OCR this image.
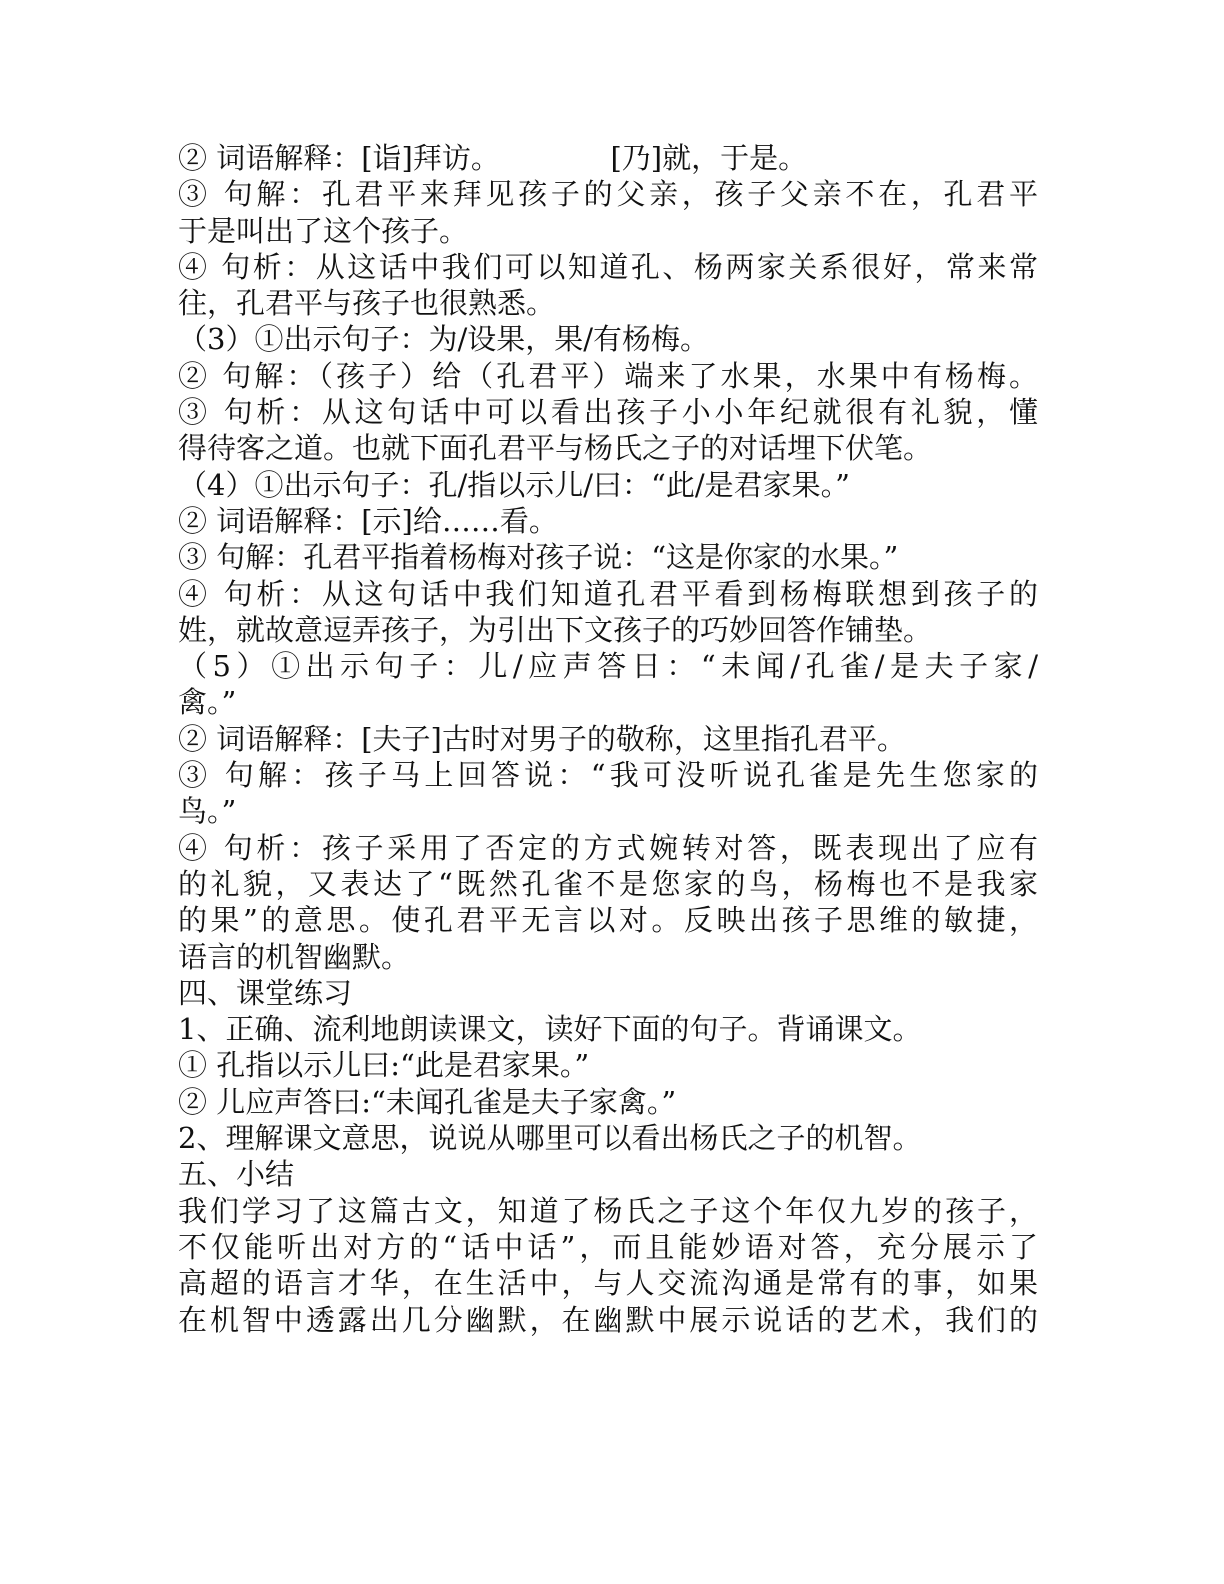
② 词语解释：[诣]拜访。            [乃]就，于是。
③ 句解：孔君平来拜见孩子的父亲，孩子父亲不在，孔君平
于是叫出了这个孩子。
④ 句析：从这话中我们可以知道孔、杨两家关系很好，常来常
往，孔君平与孩子也很熟悉。
（3）①出示句子：为/设果，果/有杨梅。
② 句解：（孩子）给（孔君平）端来了水果，水果中有杨梅。
③ 句析：从这句话中可以看出孩子小小年纪就很有礼貌，懂
得待客之道。也就下面孔君平与杨氏之子的对话埋下伏笔。
（4）①出示句子：孔/指以示儿/曰：“此/是君家果。”
② 词语解释：[示]给……看。
③ 句解：孔君平指着杨梅对孩子说：“这是你家的水果。”
④ 句析：从这句话中我们知道孔君平看到杨梅联想到孩子的
姓，就故意逗弄孩子，为引出下文孩子的巧妙回答作铺垫。
（5）①出示句子：儿/应声答日：“未闻/孔雀/是夫子家/
禽。”
② 词语解释：[夫子]古时对男子的敬称，这里指孔君平。
③ 句解：孩子马上回答说：“我可没听说孔雀是先生您家的
鸟。”
④ 句析：孩子采用了否定的方式婉转对答，既表现出了应有
的礼貌，又表达了“既然孔雀不是您家的鸟，杨梅也不是我家
的果”的意思。使孔君平无言以对。反映出孩子思维的敏捷，
语言的机智幽默。
四、课堂练习
1、正确、流利地朗读课文，读好下面的句子。背诵课文。
① 孔指以示儿曰:“此是君家果。”
② 儿应声答曰:“未闻孔雀是夫子家禽。”
2、理解课文意思，说说从哪里可以看出杨氏之子的机智。
五、小结
我们学习了这篇古文，知道了杨氏之子这个年仅九岁的孩子，
不仅能听出对方的“话中话”，而且能妙语对答，充分展示了
高超的语言才华，在生活中，与人交流沟通是常有的事，如果
在机智中透露出几分幽默，在幽默中展示说话的艺术，我们的
